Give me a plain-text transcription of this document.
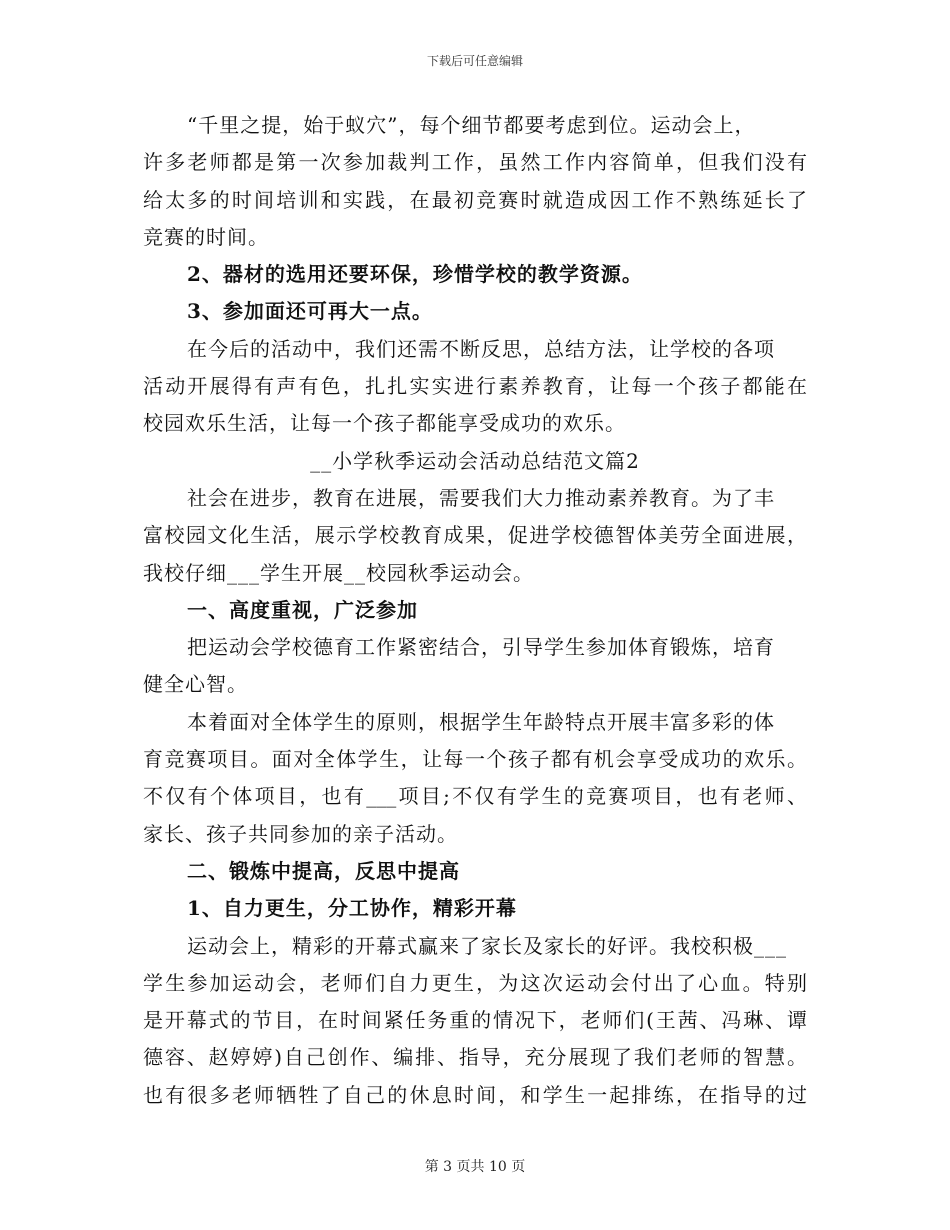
下载后可任意编辑
“千里之提，始于蚁穴”，每个细节都要考虑到位。运动会上，
许多老师都是第一次参加裁判工作，虽然工作内容简单，但我们没有
给太多的时间培训和实践，在最初竞赛时就造成因工作不熟练延长了
竞赛的时间。
2、器材的选用还要环保，珍惜学校的教学资源。
3、参加面还可再大一点。
在今后的活动中，我们还需不断反思，总结方法，让学校的各项
活动开展得有声有色，扎扎实实进行素养教育，让每一个孩子都能在
校园欢乐生活，让每一个孩子都能享受成功的欢乐。
__小学秋季运动会活动总结范文篇2
社会在进步，教育在进展，需要我们大力推动素养教育。为了丰
富校园文化生活，展示学校教育成果，促进学校德智体美劳全面进展，
我校仔细___学生开展__校园秋季运动会。
一、高度重视，广泛参加
把运动会学校德育工作紧密结合，引导学生参加体育锻炼，培育
健全心智。
本着面对全体学生的原则，根据学生年龄特点开展丰富多彩的体
育竞赛项目。面对全体学生，让每一个孩子都有机会享受成功的欢乐。
不仅有个体项目，也有___项目;不仅有学生的竞赛项目，也有老师、
家长、孩子共同参加的亲子活动。
二、锻炼中提高，反思中提高
1、自力更生，分工协作，精彩开幕
运动会上，精彩的开幕式赢来了家长及家长的好评。我校积极___
学生参加运动会，老师们自力更生，为这次运动会付出了心血。特别
是开幕式的节目，在时间紧任务重的情况下，老师们(王茜、冯琳、谭
德容、赵婷婷)自己创作、编排、指导，充分展现了我们老师的智慧。
也有很多老师牺牲了自己的休息时间，和学生一起排练，在指导的过
第 3 页共 10 页
